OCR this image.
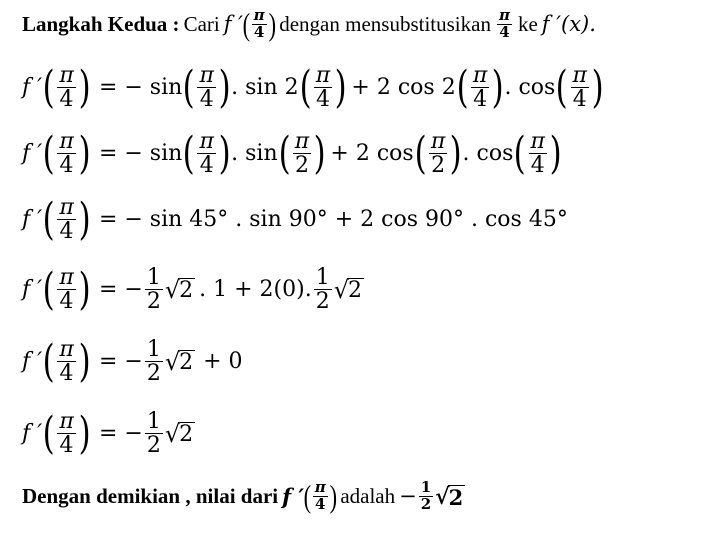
Langkah Kedua : Cari f ′ ( $\frac{\pi}{4}$ ) dengan mensubstitusikan $\frac{\pi}{4}$ ke f ′(x).
f ′ ( $\frac{\pi}{4}$ ) = − sin ( $\frac{\pi}{4}$ ) . sin 2 ( $\frac{\pi}{4}$ ) + 2 cos 2 ( $\frac{\pi}{4}$ ) . cos ( $\frac{\pi}{4}$ )
f ′ ( $\frac{\pi}{4}$ ) = − sin ( $\frac{\pi}{4}$ ) . sin ( $\frac{\pi}{2}$ ) + 2 cos ( $\frac{\pi}{2}$ ) . cos ( $\frac{\pi}{4}$ )
f ′ ( $\frac{\pi}{4}$ ) = − sin 45° . sin 90° + 2 cos 90° . cos 45°
f ′ ( $\frac{\pi}{4}$ ) = − $\frac{1}{2}$ √ 2 . 1 + 2(0). $\frac{1}{2}$ √ 2
f ′ ( $\frac{\pi}{4}$ ) = − $\frac{1}{2}$ √ 2 + 0
f ′ ( $\frac{\pi}{4}$ ) = − $\frac{1}{2}$ √ 2
Dengan demikian , nilai dari f ′ ( $\frac{\pi}{4}$ ) adalah − $\frac{1}{2}$ √ 2
